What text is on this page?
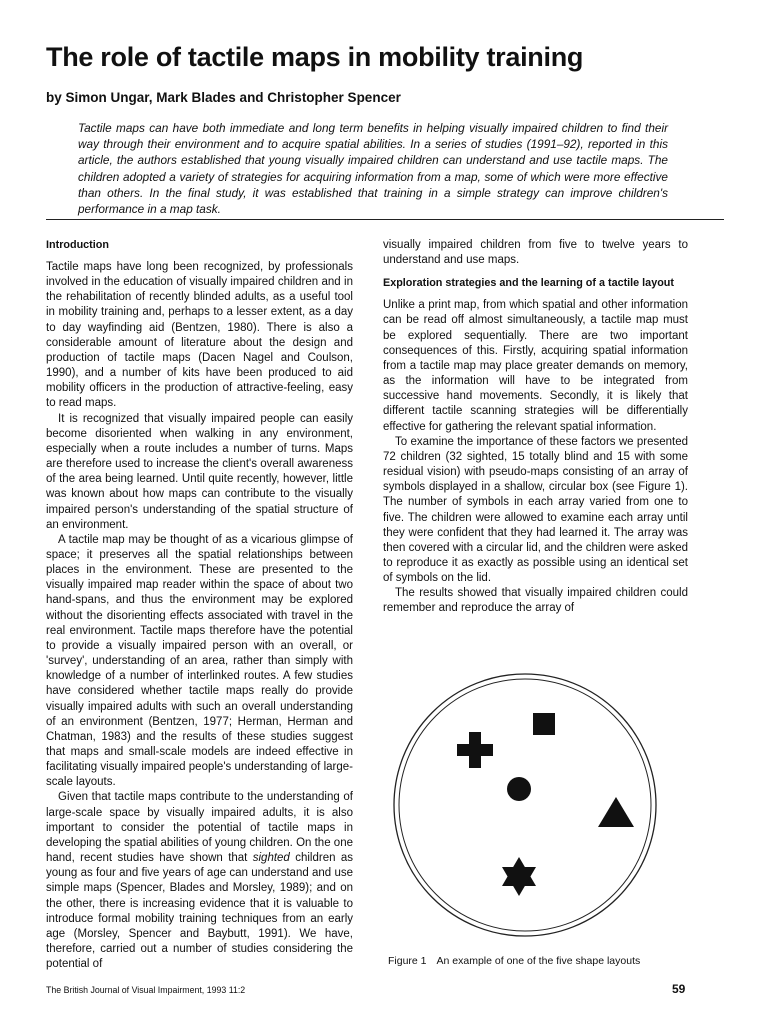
The role of tactile maps in mobility training
by Simon Ungar, Mark Blades and Christopher Spencer
Tactile maps can have both immediate and long term benefits in helping visually impaired children to find their way through their environment and to acquire spatial abilities. In a series of studies (1991–92), reported in this article, the authors established that young visually impaired children can understand and use tactile maps. The children adopted a variety of strategies for acquiring information from a map, some of which were more effective than others. In the final study, it was established that training in a simple strategy can improve children's performance in a map task.
Introduction

Tactile maps have long been recognized, by professionals involved in the education of visually impaired children and in the rehabilitation of recently blinded adults, as a useful tool in mobility training and, perhaps to a lesser extent, as a day to day wayfinding aid (Bentzen, 1980). There is also a considerable amount of literature about the design and production of tactile maps (Dacen Nagel and Coulson, 1990), and a number of kits have been produced to aid mobility officers in the production of attractive-feeling, easy to read maps.

It is recognized that visually impaired people can easily become disoriented when walking in any environment, especially when a route includes a number of turns. Maps are therefore used to increase the client's overall awareness of the area being learned. Until quite recently, however, little was known about how maps can contribute to the visually impaired person's understanding of the spatial structure of an environment.

A tactile map may be thought of as a vicarious glimpse of space; it preserves all the spatial relationships between places in the environment. These are presented to the visually impaired map reader within the space of about two hand-spans, and thus the environment may be explored without the disorienting effects associated with travel in the real environment. Tactile maps therefore have the potential to provide a visually impaired person with an overall, or 'survey', understanding of an area, rather than simply with knowledge of a number of interlinked routes. A few studies have considered whether tactile maps really do provide visually impaired adults with such an overall understanding of an environment (Bentzen, 1977; Herman, Herman and Chatman, 1983) and the results of these studies suggest that maps and small-scale models are indeed effective in facilitating visually impaired people's understanding of large-scale layouts.

Given that tactile maps contribute to the understanding of large-scale space by visually impaired adults, it is also important to consider the potential of tactile maps in developing the spatial abilities of young children. On the one hand, recent studies have shown that sighted children as young as four and five years of age can understand and use simple maps (Spencer, Blades and Morsley, 1989); and on the other, there is increasing evidence that it is valuable to introduce formal mobility training techniques from an early age (Morsley, Spencer and Baybutt, 1991). We have, therefore, carried out a number of studies considering the potential of

visually impaired children from five to twelve years to understand and use maps.

Exploration strategies and the learning of a tactile layout

Unlike a print map, from which spatial and other information can be read off almost simultaneously, a tactile map must be explored sequentially. There are two important consequences of this. Firstly, acquiring spatial information from a tactile map may place greater demands on memory, as the information will have to be integrated from successive hand movements. Secondly, it is likely that different tactile scanning strategies will be differentially effective for gathering the relevant spatial information.

To examine the importance of these factors we presented 72 children (32 sighted, 15 totally blind and 15 with some residual vision) with pseudo-maps consisting of an array of symbols displayed in a shallow, circular box (see Figure 1). The number of symbols in each array varied from one to five. The children were allowed to examine each array until they were confident that they had learned it. The array was then covered with a circular lid, and the children were asked to reproduce it as exactly as possible using an identical set of symbols on the lid.

The results showed that visually impaired children could remember and reproduce the array of

Figure 1 An example of one of the five shape layouts
The British Journal of Visual Impairment, 1993 11:2	59
